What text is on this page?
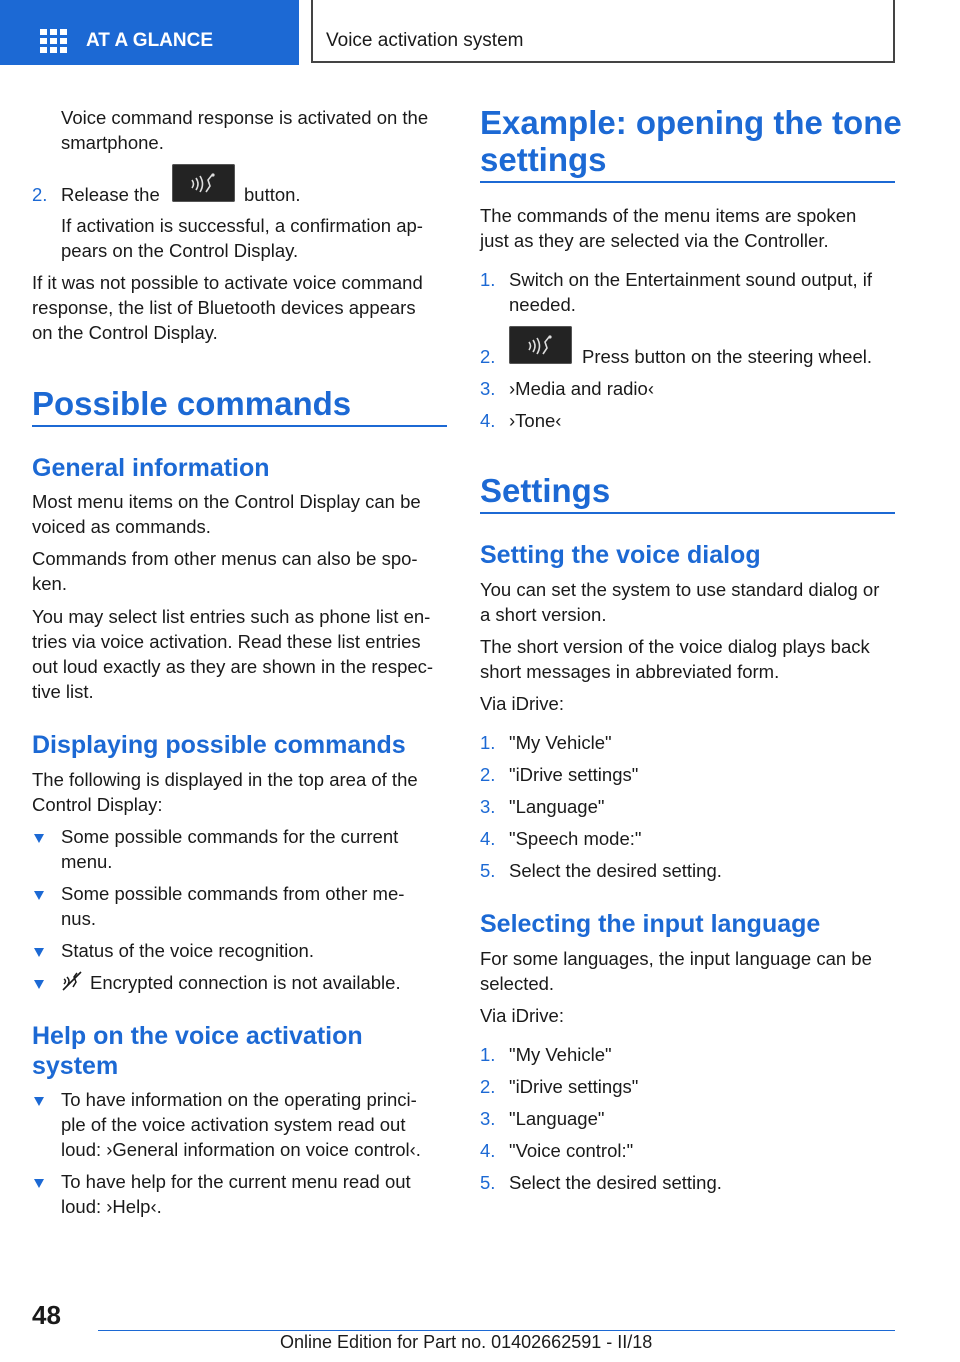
AT A GLANCE	Voice activation system
Voice command response is activated on the
smartphone.
2. Release the	button.
If activation is successful, a confirmation ap-
pears on the Control Display.
If it was not possible to activate voice command
response, the list of Bluetooth devices appears
on the Control Display.
Possible commands
General information
Most menu items on the Control Display can be
voiced as commands.
Commands from other menus can also be spo-
ken.
You may select list entries such as phone list en-
tries via voice activation. Read these list entries
out loud exactly as they are shown in the respec-
tive list.
Displaying possible commands
The following is displayed in the top area of the
Control Display:
Some possible commands for the current
menu.
Some possible commands from other me-
nus.
Status of the voice recognition.
Encrypted connection is not available.
Help on the voice activation
system
To have information on the operating princi-
ple of the voice activation system read out
loud: ›General information on voice control‹.
To have help for the current menu read out
loud: ›Help‹.
Example: opening the tone
settings
The commands of the menu items are spoken
just as they are selected via the Controller.
1. Switch on the Entertainment sound output, if
needed.
2.	Press button on the steering wheel.
3. ›Media and radio‹
4. ›Tone‹
Settings
Setting the voice dialog
You can set the system to use standard dialog or
a short version.
The short version of the voice dialog plays back
short messages in abbreviated form.
Via iDrive:
1. "My Vehicle"
2. "iDrive settings"
3. "Language"
4. "Speech mode:"
5. Select the desired setting.
Selecting the input language
For some languages, the input language can be
selected.
Via iDrive:
1. "My Vehicle"
2. "iDrive settings"
3. "Language"
4. "Voice control:"
5. Select the desired setting.
48
Online Edition for Part no. 01402662591 - II/18
